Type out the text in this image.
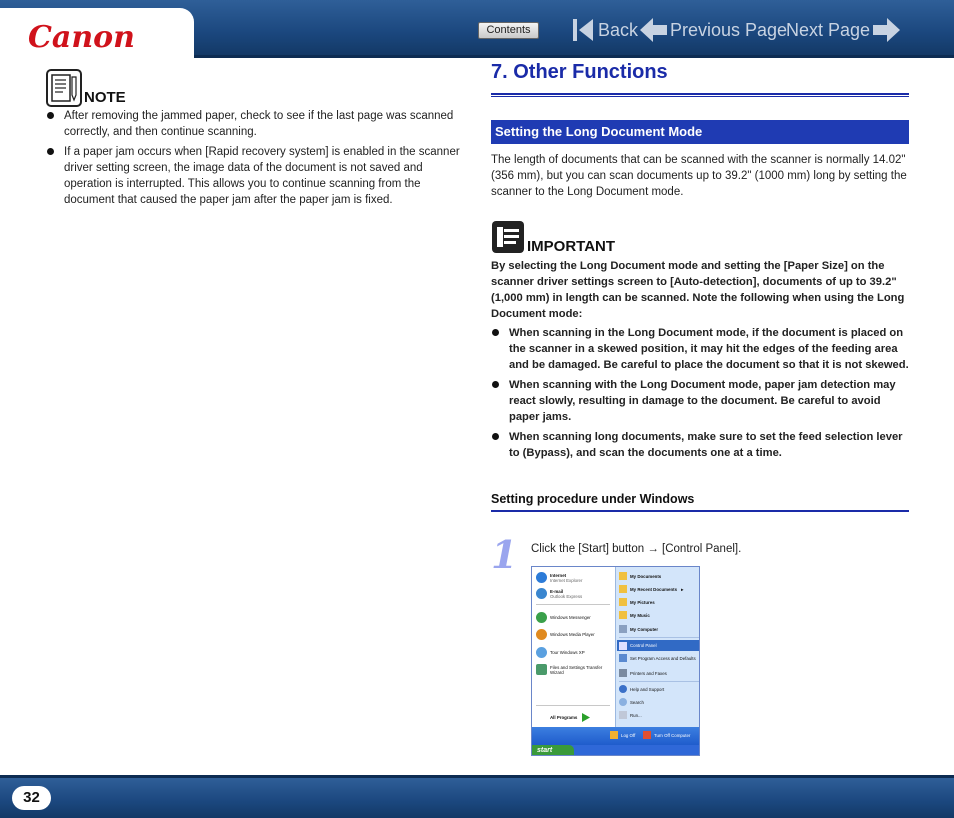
Canon	Contents	Back Previous Page
Next Page
NOTE
After removing the jammed paper, check to see if the last page was scanned correctly, and then continue scanning.
If a paper jam occurs when [Rapid recovery system] is enabled in the scanner driver setting screen, the image data of the document is not saved and operation is interrupted. This allows you to continue scanning from the document that caused the paper jam after the paper jam is fixed.
7. Other Functions
Setting the Long Document Mode
The length of documents that can be scanned with the scanner is normally 14.02" (356 mm), but you can scan documents up to 39.2" (1000 mm) long by setting the scanner to the Long Document mode.
IMPORTANT
By selecting the Long Document mode and setting the [Paper Size] on the scanner driver settings screen to [Auto-detection], documents of up to 39.2" (1,000 mm) in length can be scanned. Note the following when using the Long Document mode:
When scanning in the Long Document mode, if the document is placed on the scanner in a skewed position, it may hit the edges of the feeding area and be damaged. Be careful to place the document so that it is not skewed.
When scanning with the Long Document mode, paper jam detection may react slowly, resulting in damage to the document. Be careful to avoid paper jams.
When scanning long documents, make sure to set the feed selection lever to (Bypass), and scan the documents one at a time.
Setting procedure under Windows
1 Click the [Start] button → [Control Panel].
Internet
Internet Explorer
E-mail
Outlook Express
Windows Messenger
Windows Media Player
Tour Windows XP
Files and Settings Transfer Wizard
All Programs
My Documents
My Recent Documents ▸
My Pictures
My Music
My Computer
Control Panel
Set Program Access and Defaults
Printers and Faxes
Help and Support
Search
Run...
Log Off	Turn Off Computer
start
32
